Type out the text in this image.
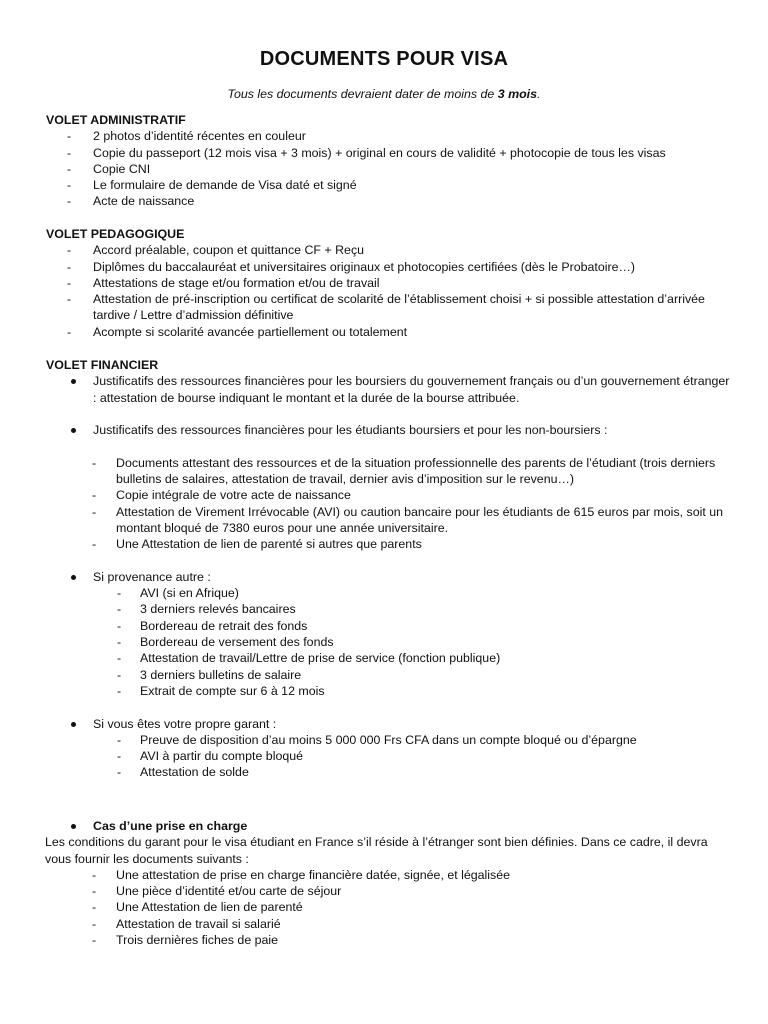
DOCUMENTS POUR VISA
Tous les documents devraient dater de moins de 3 mois.
VOLET ADMINISTRATIF
- 2 photos d’identité récentes en couleur
- Copie du passeport (12 mois visa + 3 mois) + original en cours de validité + photocopie de tous les visas
- Copie CNI
- Le formulaire de demande de Visa daté et signé
- Acte de naissance
VOLET PEDAGOGIQUE
- Accord préalable, coupon et quittance CF + Reçu
- Diplômes du baccalauréat et universitaires originaux et photocopies certifiées (dès le Probatoire…)
- Attestations de stage et/ou formation et/ou de travail
- Attestation de pré-inscription ou certificat de scolarité de l’établissement choisi + si possible attestation d’arrivée tardive / Lettre d’admission définitive
- Acompte si scolarité avancée partiellement ou totalement
VOLET FINANCIER
Justificatifs des ressources financières pour les boursiers du gouvernement français ou d’un gouvernement étranger : attestation de bourse indiquant le montant et la durée de la bourse attribuée.
Justificatifs des ressources financières pour les étudiants boursiers et pour les non-boursiers :
- Documents attestant des ressources et de la situation professionnelle des parents de l’étudiant (trois derniers bulletins de salaires, attestation de travail, dernier avis d’imposition sur le revenu…)
- Copie intégrale de votre acte de naissance
- Attestation de Virement Irrévocable (AVI) ou caution bancaire pour les étudiants de 615 euros par mois, soit un montant bloqué de 7380 euros pour une année universitaire.
- Une Attestation de lien de parenté si autres que parents
Si provenance autre :
- AVI (si en Afrique)
- 3 derniers relevés bancaires
- Bordereau de retrait des fonds
- Bordereau de versement des fonds
- Attestation de travail/Lettre de prise de service (fonction publique)
- 3 derniers bulletins de salaire
- Extrait de compte sur 6 à 12 mois
Si vous êtes votre propre garant :
- Preuve de disposition d’au moins 5 000 000 Frs CFA dans un compte bloqué ou d’épargne
- AVI à partir du compte bloqué
- Attestation de solde
Cas d’une prise en charge
Les conditions du garant pour le visa étudiant en France s’il réside à l’étranger sont bien définies. Dans ce cadre, il devra vous fournir les documents suivants :
- Une attestation de prise en charge financière datée, signée, et légalisée
- Une pièce d’identité et/ou carte de séjour
- Une Attestation de lien de parenté
- Attestation de travail si salarié
- Trois dernières fiches de paie
